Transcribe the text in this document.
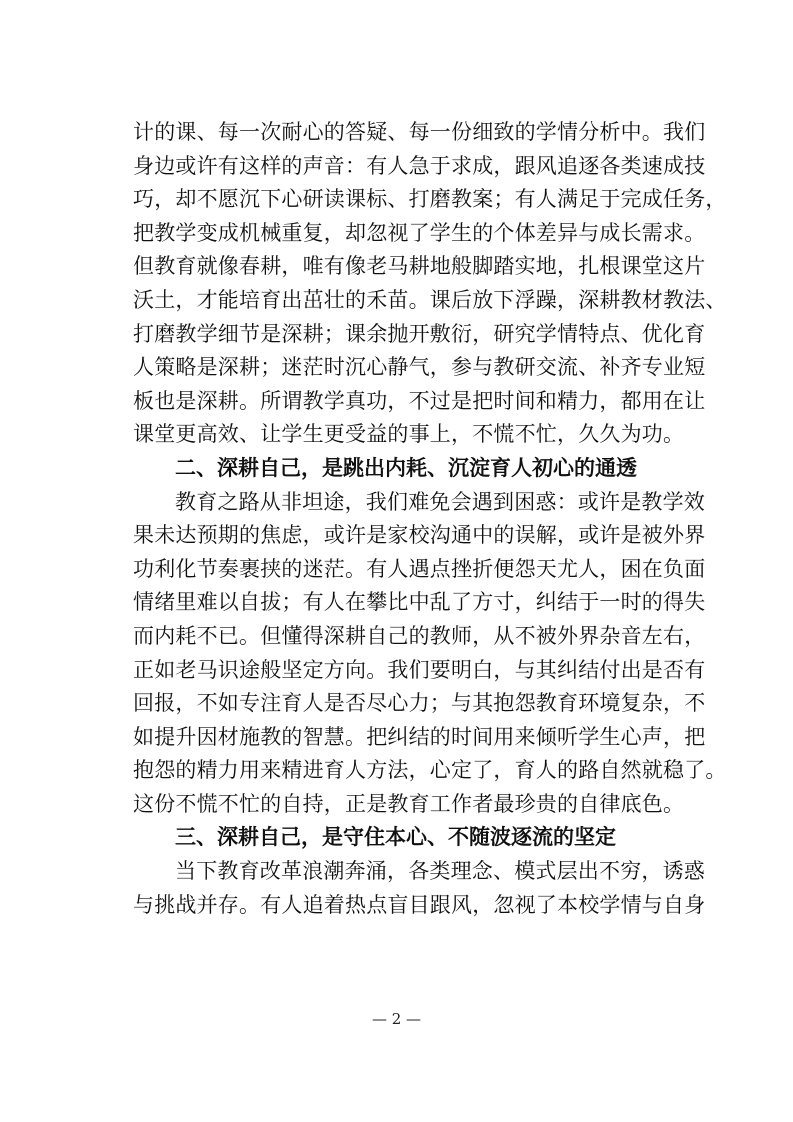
计的课、每一次耐心的答疑、每一份细致的学情分析中。我们
身边或许有这样的声音：有人急于求成，跟风追逐各类速成技
巧，却不愿沉下心研读课标、打磨教案；有人满足于完成任务，
把教学变成机械重复，却忽视了学生的个体差异与成长需求。
但教育就像春耕，唯有像老马耕地般脚踏实地，扎根课堂这片
沃土，才能培育出茁壮的禾苗。课后放下浮躁，深耕教材教法、
打磨教学细节是深耕；课余抛开敷衍，研究学情特点、优化育
人策略是深耕；迷茫时沉心静气，参与教研交流、补齐专业短
板也是深耕。所谓教学真功，不过是把时间和精力，都用在让
课堂更高效、让学生更受益的事上，不慌不忙，久久为功。
二、深耕自己，是跳出内耗、沉淀育人初心的通透
教育之路从非坦途，我们难免会遇到困惑：或许是教学效
果未达预期的焦虑，或许是家校沟通中的误解，或许是被外界
功利化节奏裹挟的迷茫。有人遇点挫折便怨天尤人，困在负面
情绪里难以自拔；有人在攀比中乱了方寸，纠结于一时的得失
而内耗不已。但懂得深耕自己的教师，从不被外界杂音左右，
正如老马识途般坚定方向。我们要明白，与其纠结付出是否有
回报，不如专注育人是否尽心力；与其抱怨教育环境复杂，不
如提升因材施教的智慧。把纠结的时间用来倾听学生心声，把
抱怨的精力用来精进育人方法，心定了，育人的路自然就稳了。
这份不慌不忙的自持，正是教育工作者最珍贵的自律底色。
三、深耕自己，是守住本心、不随波逐流的坚定
当下教育改革浪潮奔涌，各类理念、模式层出不穷，诱惑
与挑战并存。有人追着热点盲目跟风，忽视了本校学情与自身
— 2 —
